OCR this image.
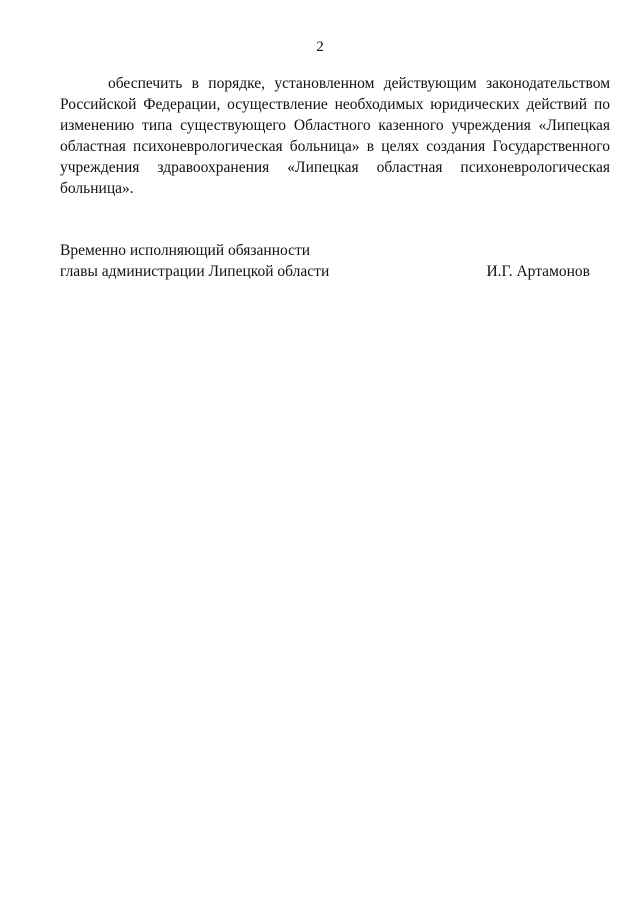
2

обеспечить в порядке, установленном действующим законодательством Российской Федерации, осуществление необходимых юридических действий по изменению типа существующего Областного казенного учреждения «Липецкая областная психоневрологическая больница» в целях создания Государственного учреждения здравоохранения «Липецкая областная психоневрологическая больница».

Временно исполняющий обязанности
главы администрации Липецкой области	И.Г. Артамонов
